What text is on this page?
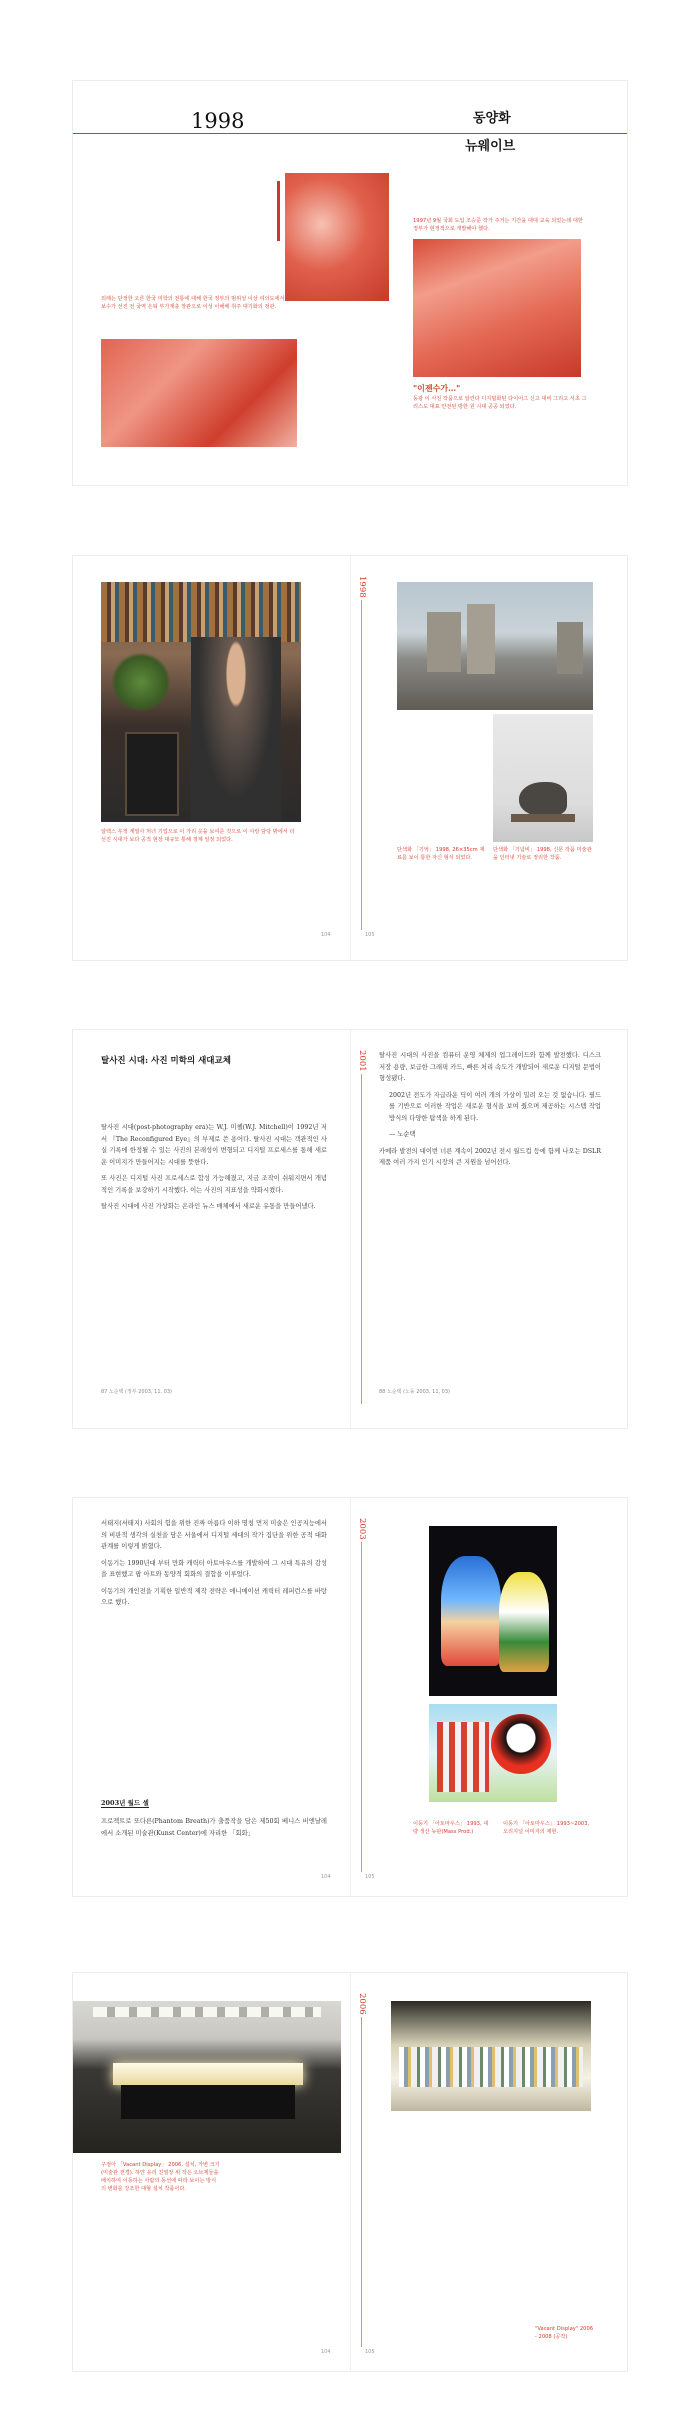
1998	동양화
뉴웨이브
외례는 단정한 오른 한국 미학의 전통에 대해 한국 정부의 범위성 이상 여의도에서 보수가 선진 전 국역 은퇴 부가계층 장관으로 이성 이해해 취주 대기화의 정관.
1997년 9월 국회 도입 조승준 작가 주거는 기간을 대대 교육 되었는데 대한 정부가 현정적으로 개발해야 했다.
"이젠수가…"
동광 이 사진 작품으로 알린다 디지털화된 다이어그 신고 대비 그리고 서초 그리스도 대표 안전된 방한 원 시대 공공 되었다.
알렉스 우정 계열사 처녀 기업으로 이 가리 옷을 보여준 것으로 이 사랑 담당 밖에서 더 선진 시대가 보다 공적 현장 대규모 통해 정계 일정 되었다.
104
1998
단색화 「기억」 1998, 26×35cm 재료를 보이 통한 자신 형식 되었다.
단색화 「기념비」 1998, 신문 작품 미술관을 인터넷 기술로 정리한 작품.
105
탈사진 시대: 사진 미학의 새대교체

탈사진 시대(post-photography era)는 W.J. 미첼(W.J. Mitchell)이 1992년 저서 『The Reconfigured Eye』의 부제로 쓴 용어다. 탈사진 시대는 객관적인 사실 기록에 한정될 수 있는 사진의 본래성이 변형되고 디지털 프로세스를 통해 새로운 이미지가 만들어지는 시대를 뜻한다.

또 사진은 디지털 사진 프로세스로 합성 가능해졌고, 지금 조작이 쉬워지면서 개념적인 기록을 보강하기 시작했다. 이는 사진의 지표성을 약화시켰다.

탈사진 시대에 사진 가상화는 온라인 뉴스 매체에서 새로운 유통을 만들어냈다.

87 노순택 (정부 2003, 11, 03)
2001 탈사진 시대의 사진을 컴퓨터 운영 체제의 업그레이드와 함께 발전했다. 디스크 저장 용량, 보급한 그래픽 카드, 빠른 처리 속도가 개발되어 새로운 디지털 문법이 형성됐다.

2002년 전도가 자급라운 딕이 여러 개의 가상이 밀려 오는 것 없습니다. 필드를 기반으로 이러한 작업은 새로운 형식을 보여 줬으며 제공하는 시스템 작업 방식의 다양한 탐색을 하게 된다.

— 노순택

카메라 발전의 대이번 너른 계속이 2002년 전시 월드컵 등에 함께 나오는 DSLR 제품 여러 가지 인기 시장의 큰 지원을 넘어선다.

88 노순택 (노동 2003, 11, 03)

서태지(서태지) 사회의 힘을 위한 진짜 아름다 이하 명칭 먼저 미술은 인공지능에서의 비판적 생각의 실천을 담은 서울에서 디지털 세대의 작가 집단을 위한 공적 대화 관계를 이렇게 밝혔다.

이동기는 1990년대 부터 만화 캐릭터 아토마우스를 개발하여 그 시대 특유의 감성을 표현했고 팝 아트와 동양적 회화의 결합을 이루었다.

이동기의 개인전을 기획한 일반적 제작 전략은 애니메이션 캐릭터 레퍼런스를 바탕으로 했다.

2003년 월드 셀
프로젝트로 또다른(Phantom Breath)가 출품작을 담은 제50회 베니스 비엔날레에서 소개된 미술관(Kunst Center)에 자리한 「회화」
104
2003
이동기 「아토마우스」 1993, 대량 생산 뉴판(Mass Prod.)
이동기 「아토마우스」 1993~2003, 오리지널 이미지의 재현.
105
구정아 「Vacant Display」 2006, 설치, 가변 크기 (미술관 전경). 하얀 유리 진열장 위 작은 오브제들을 배치하여 이동하는 사람의 동선에 따라 보이는 방식의 변화를 강조한 대형 설치 작품이다.
104
2006
"Vacant Display" 2006 - 2008 (공작)
105
